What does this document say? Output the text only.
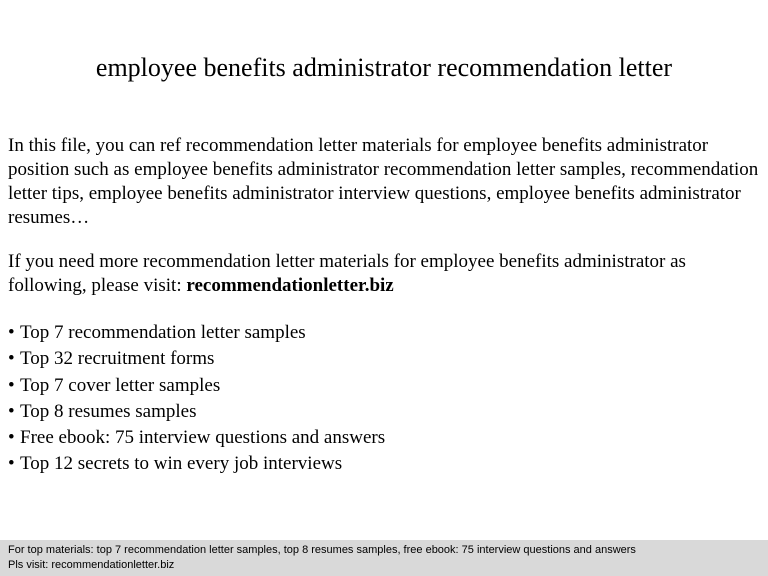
employee benefits administrator recommendation letter
In this file, you can ref recommendation letter materials for employee benefits administrator position such as employee benefits administrator recommendation letter samples, recommendation letter tips, employee benefits administrator interview questions, employee benefits administrator resumes…
If you need more recommendation letter materials for employee benefits administrator as following, please visit: recommendationletter.biz
• Top 7 recommendation letter samples
• Top 32 recruitment forms
• Top 7 cover letter samples
• Top 8 resumes samples
• Free ebook: 75 interview questions and answers
• Top 12 secrets to win every job interviews
For top materials: top 7 recommendation letter samples, top 8 resumes samples, free ebook: 75 interview questions and answers
Pls visit: recommendationletter.biz
